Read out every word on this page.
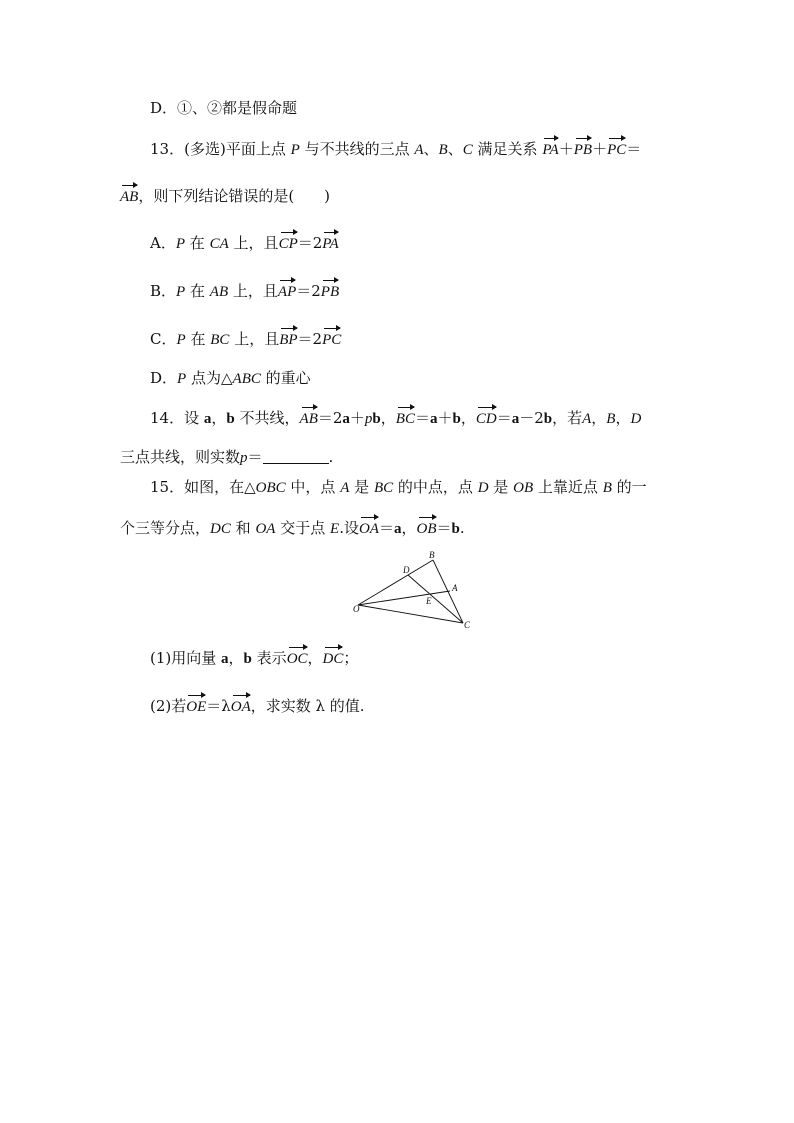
D．①、②都是假命题
13．(多选)平面上点 P 与不共线的三点 A、B、C 满足关系 PA＋PB＋PC＝
AB，则下列结论错误的是(　　)
A．P 在 CA 上，且CP＝2PA
B．P 在 AB 上，且AP＝2PB
C．P 在 BC 上，且BP＝2PC
D．P 点为△ABC 的重心
14．设 a，b 不共线，AB＝2a＋pb，BC＝a＋b，CD＝a－2b，若A，B，D
三点共线，则实数p＝	.
15．如图，在△OBC 中，点 A 是 BC 的中点，点 D 是 OB 上靠近点 B 的一
个三等分点，DC 和 OA 交于点 E.设OA＝a，OB＝b.
B
D
A
E
O
C
(1)用向量 a，b 表示OC，DC；
(2)若OE＝λOA，求实数 λ 的值.
